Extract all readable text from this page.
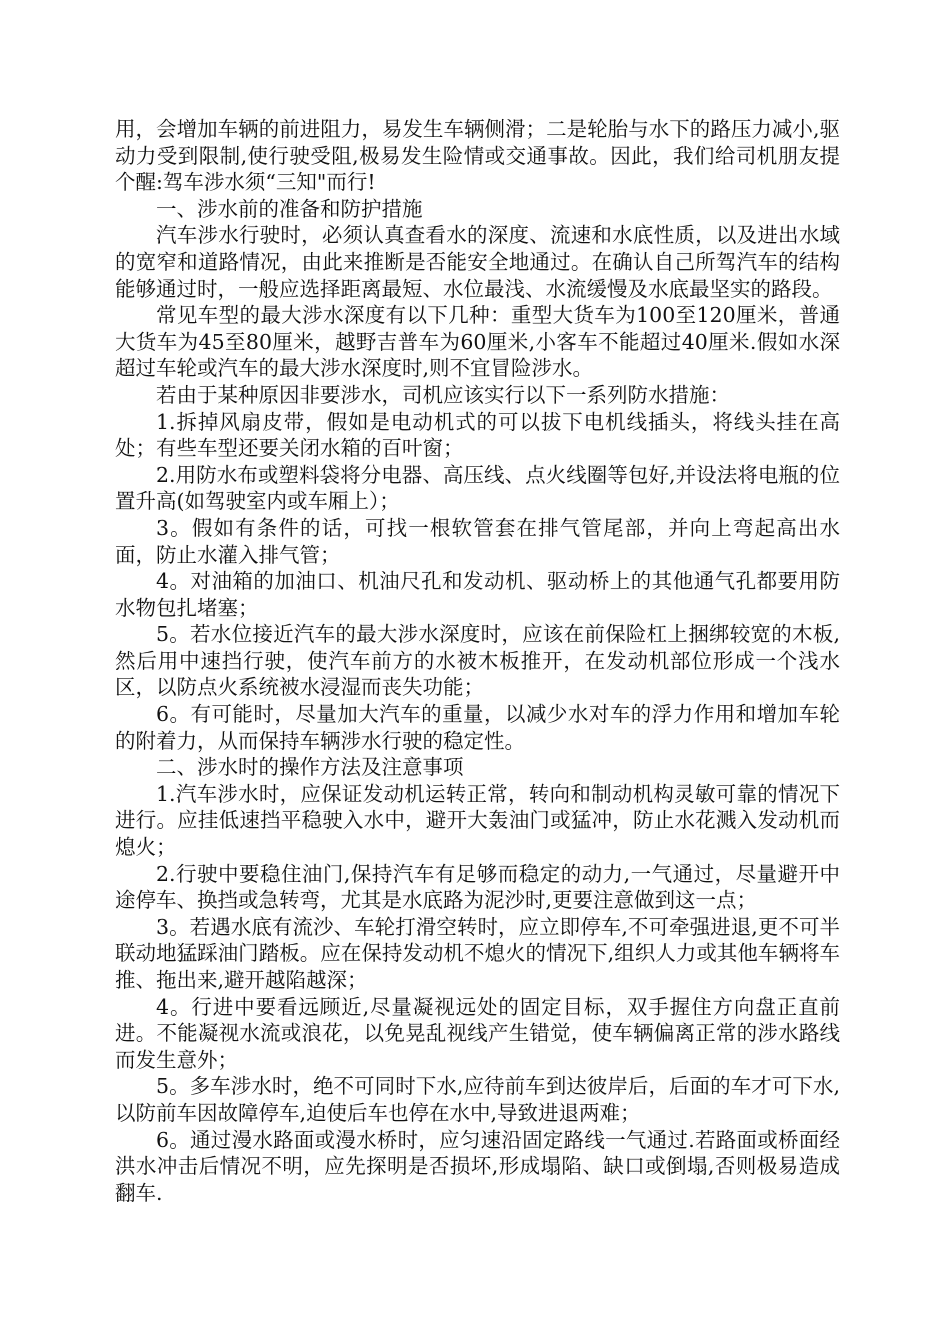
用，会增加车辆的前进阻力，易发生车辆侧滑；二是轮胎与水下的路压力减小,驱动力受到限制,使行驶受阻,极易发生险情或交通事故。因此，我们给司机朋友提个醒:驾车涉水须“三知"而行!

一、涉水前的准备和防护措施

汽车涉水行驶时，必须认真查看水的深度、流速和水底性质，以及进出水域的宽窄和道路情况，由此来推断是否能安全地通过。在确认自己所驾汽车的结构能够通过时，一般应选择距离最短、水位最浅、水流缓慢及水底最坚实的路段。

常见车型的最大涉水深度有以下几种：重型大货车为100至120厘米，普通大货车为45至80厘米，越野吉普车为60厘米,小客车不能超过40厘米.假如水深超过车轮或汽车的最大涉水深度时,则不宜冒险涉水。

若由于某种原因非要涉水，司机应该实行以下一系列防水措施：

1.拆掉风扇皮带，假如是电动机式的可以拔下电机线插头，将线头挂在高处；有些车型还要关闭水箱的百叶窗；

2.用防水布或塑料袋将分电器、高压线、点火线圈等包好,并设法将电瓶的位置升高(如驾驶室内或车厢上）；

3。假如有条件的话，可找一根软管套在排气管尾部，并向上弯起高出水面，防止水灌入排气管；

4。对油箱的加油口、机油尺孔和发动机、驱动桥上的其他通气孔都要用防水物包扎堵塞；

5。若水位接近汽车的最大涉水深度时，应该在前保险杠上捆绑较宽的木板,然后用中速挡行驶，使汽车前方的水被木板推开，在发动机部位形成一个浅水区，以防点火系统被水浸湿而丧失功能；

6。有可能时，尽量加大汽车的重量，以减少水对车的浮力作用和增加车轮的附着力，从而保持车辆涉水行驶的稳定性。

二、涉水时的操作方法及注意事项

1.汽车涉水时，应保证发动机运转正常，转向和制动机构灵敏可靠的情况下进行。应挂低速挡平稳驶入水中，避开大轰油门或猛冲，防止水花溅入发动机而熄火；

2.行驶中要稳住油门,保持汽车有足够而稳定的动力,一气通过，尽量避开中途停车、换挡或急转弯，尤其是水底路为泥沙时,更要注意做到这一点；

3。若遇水底有流沙、车轮打滑空转时，应立即停车,不可牵强进退,更不可半联动地猛踩油门踏板。应在保持发动机不熄火的情况下,组织人力或其他车辆将车推、拖出来,避开越陷越深；

4。行进中要看远顾近,尽量凝视远处的固定目标，双手握住方向盘正直前进。不能凝视水流或浪花，以免晃乱视线产生错觉，使车辆偏离正常的涉水路线而发生意外；

5。多车涉水时，绝不可同时下水,应待前车到达彼岸后，后面的车才可下水,以防前车因故障停车,迫使后车也停在水中,导致进退两难；

6。通过漫水路面或漫水桥时，应匀速沿固定路线一气通过.若路面或桥面经洪水冲击后情况不明，应先探明是否损坏,形成塌陷、缺口或倒塌,否则极易造成翻车.
